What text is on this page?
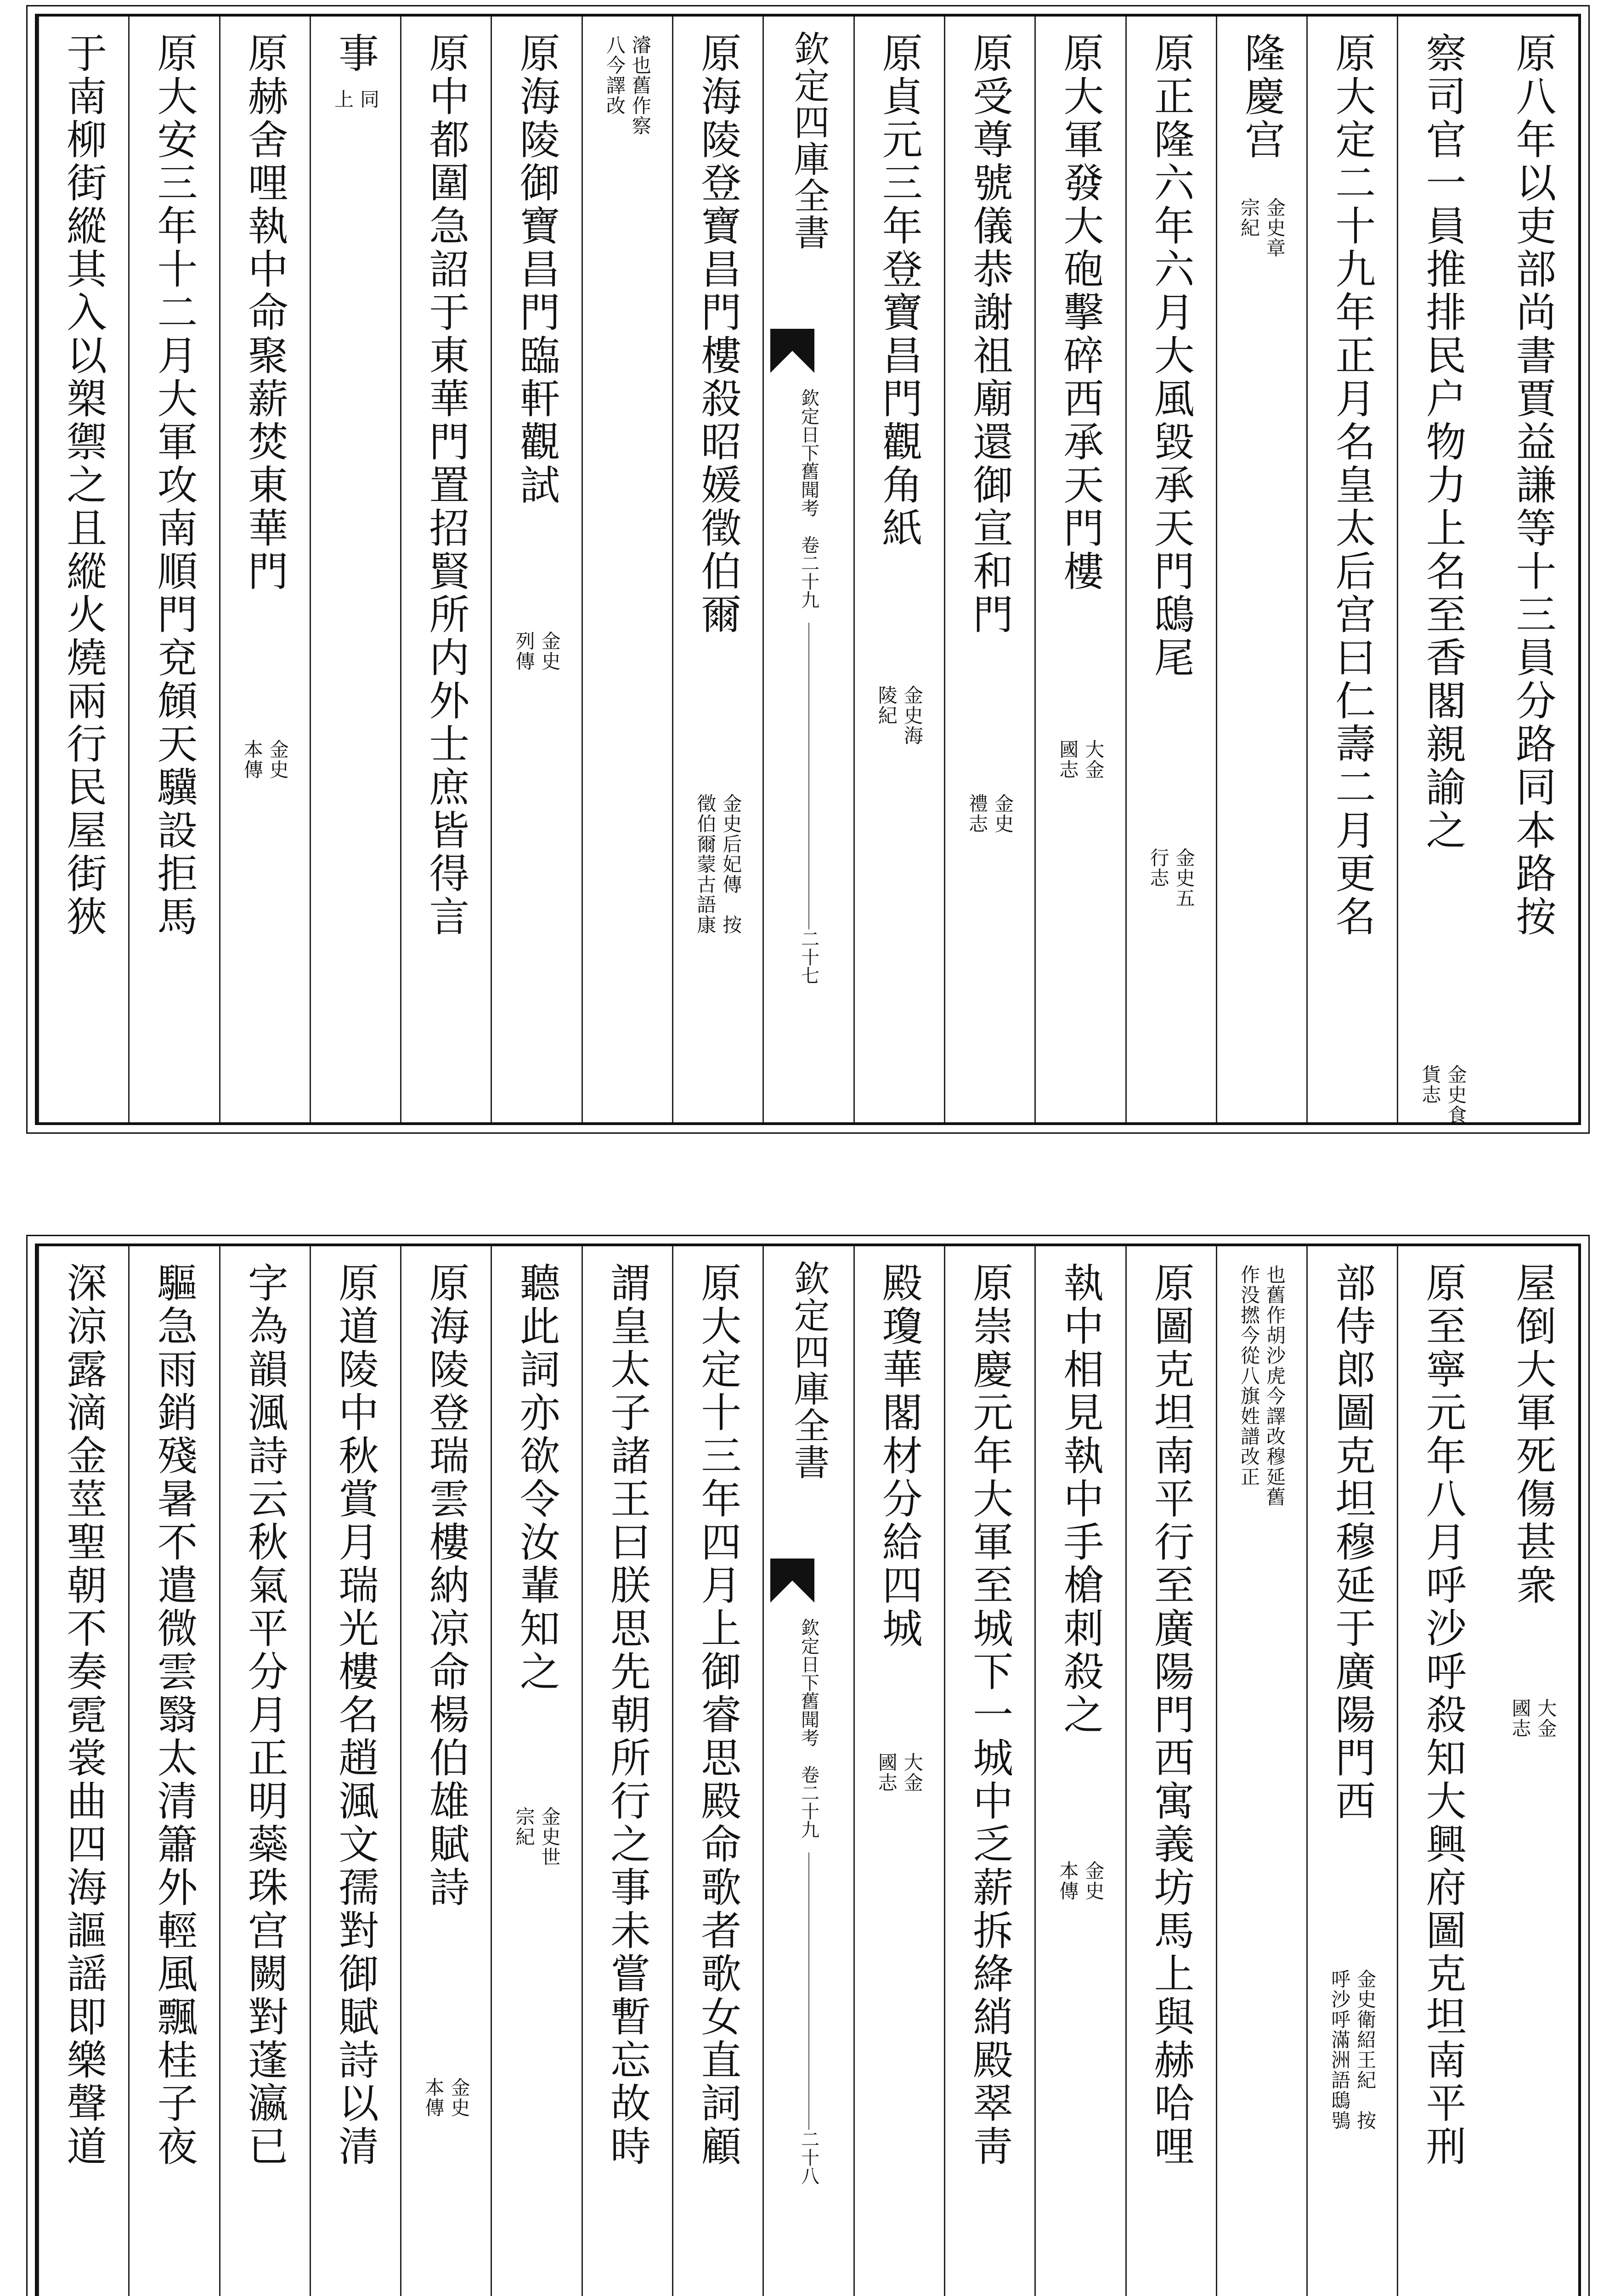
原八年以吏部尚書賈益謙等十三員分路同本路按
察司官一員推排民户物力上名至香閣親諭之
金史食
貨志
原大定二十九年正月名皇太后宫曰仁壽二月更名
隆慶宫
金史章
宗紀
原正隆六年六月大風毀承天門鴟尾
金史五
行志
原大軍發大砲擊碎西承天門樓
大金
國志
原受尊號儀恭謝祖廟還御宣和門
金史
禮志
原貞元三年登寶昌門觀角紙
金史海
陵紀
欽定四庫全書
欽定日下舊聞考　卷二十九
二十七
原海陵登寶昌門樓殺昭媛徵伯爾
金史后妃傳　按
徵伯爾蒙古語康
濬也舊作察
八今譯改
原海陵御寶昌門臨軒觀試
金史
列傳
原中都圍急詔于東華門置招賢所内外士庶皆得言
事
同
上
原赫舍哩執中命聚薪焚東華門
金史
本傳
原大安三年十二月大軍攻南順門兗頠天驥設拒馬
于南柳街縱其入以槊禦之且縱火燒兩行民屋街狹
屋倒大軍死傷甚衆
大金
國志
原至寧元年八月呼沙呼殺知大興府圖克坦南平刑
部侍郎圖克坦穆延于廣陽門西
金史衛紹王紀　按
呼沙呼滿洲語鴟鴞
也舊作胡沙虎今譯改穆延舊
作没撚今從八旗姓譜改正
原圖克坦南平行至廣陽門西寓義坊馬上與赫哈哩
執中相見執中手槍刺殺之
金史
本傳
原崇慶元年大軍至城下一城中乏薪拆絳綃殿翠靑
殿瓊華閣材分給四城
大金
國志
欽定四庫全書
欽定日下舊聞考　卷二十九
二十八
原大定十三年四月上御睿思殿命歌者歌女直詞顧
謂皇太子諸王曰朕思先朝所行之事未嘗暫忘故時
聽此詞亦欲令汝輩知之
金史世
宗紀
原海陵登瑞雲樓納凉命楊伯雄賦詩
金史
本傳
原道陵中秋賞月瑞光樓名趙渢文孺對御賦詩以清
字為韻渢詩云秋氣平分月正明蘂珠宫闕對蓬瀛已
驅急雨銷殘暑不遣微雲翳太清簫外輕風飄桂子夜
深涼露滴金莖聖朝不奏霓裳曲四海謳謡即樂聲道
